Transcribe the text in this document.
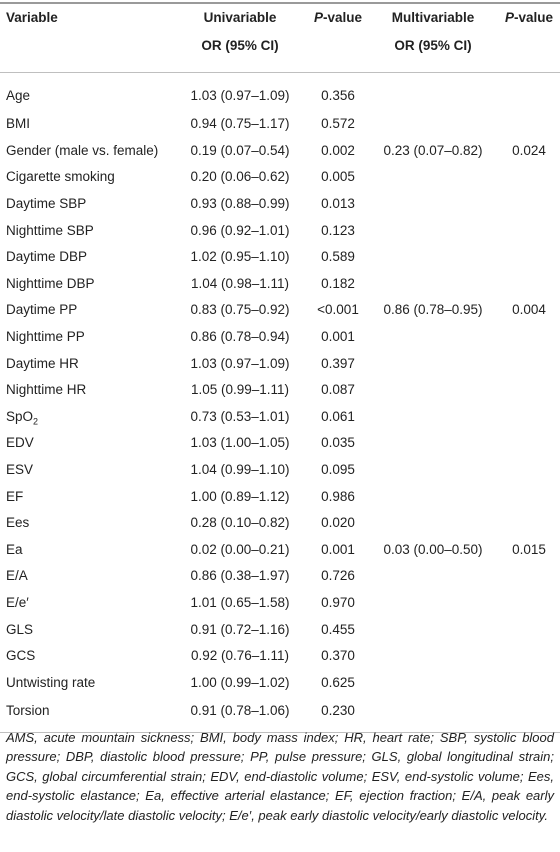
Variable	Univariable	P-value	Multivariable	P-value
	OR (95% CI)		OR (95% CI)	
Age	1.03 (0.97–1.09)	0.356		
BMI	0.94 (0.75–1.17)	0.572		
Gender (male vs. female)	0.19 (0.07–0.54)	0.002	0.23 (0.07–0.82)	0.024
Cigarette smoking	0.20 (0.06–0.62)	0.005		
Daytime SBP	0.93 (0.88–0.99)	0.013		
Nighttime SBP	0.96 (0.92–1.01)	0.123		
Daytime DBP	1.02 (0.95–1.10)	0.589		
Nighttime DBP	1.04 (0.98–1.11)	0.182		
Daytime PP	0.83 (0.75–0.92)	<0.001	0.86 (0.78–0.95)	0.004
Nighttime PP	0.86 (0.78–0.94)	0.001		
Daytime HR	1.03 (0.97–1.09)	0.397		
Nighttime HR	1.05 (0.99–1.11)	0.087		
SpO$_2$	0.73 (0.53–1.01)	0.061		
EDV	1.03 (1.00–1.05)	0.035		
ESV	1.04 (0.99–1.10)	0.095		
EF	1.00 (0.89–1.12)	0.986		
Ees	0.28 (0.10–0.82)	0.020		
Ea	0.02 (0.00–0.21)	0.001	0.03 (0.00–0.50)	0.015
E/A	0.86 (0.38–1.97)	0.726		
E/e′	1.01 (0.65–1.58)	0.970		
GLS	0.91 (0.72–1.16)	0.455		
GCS	0.92 (0.76–1.11)	0.370		
Untwisting rate	1.00 (0.99–1.02)	0.625		
Torsion	0.91 (0.78–1.06)	0.230		
AMS, acute mountain sickness; BMI, body mass index; HR, heart rate; SBP, systolic blood pressure; DBP, diastolic blood pressure; PP, pulse pressure; GLS, global longitudinal strain; GCS, global circumferential strain; EDV, end-diastolic volume; ESV, end-systolic volume; Ees, end-systolic elastance; Ea, effective arterial elastance; EF, ejection fraction; E/A, peak early diastolic velocity/late diastolic velocity; E/e′, peak early diastolic velocity/early diastolic velocity.
